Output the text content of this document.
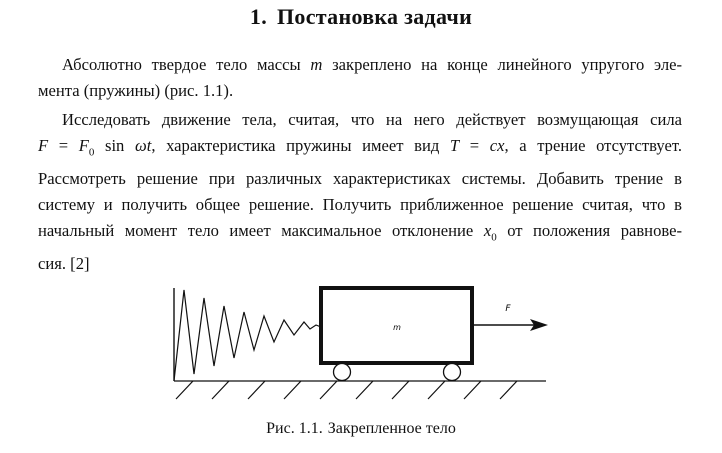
1. Постановка задачи
Абсолютно твердое тело массы m закреплено на конце линейного упругого эле-
мента (пружины) (рис. 1.1).
Исследовать движение тела, считая, что на него действует возмущающая сила
$F = F_0$ sin ωt, характеристика пружины имеет вид T = cx, а трение отсутствует.
Рассмотреть решение при различных характеристиках системы. Добавить трение в
систему и получить общее решение. Получить приближенное решение считая, что в
начальный момент тело имеет максимальное отклонение $x_0$ от положения равнове-
сия. [2]
m
F
Рис. 1.1. Закрепленное тело
